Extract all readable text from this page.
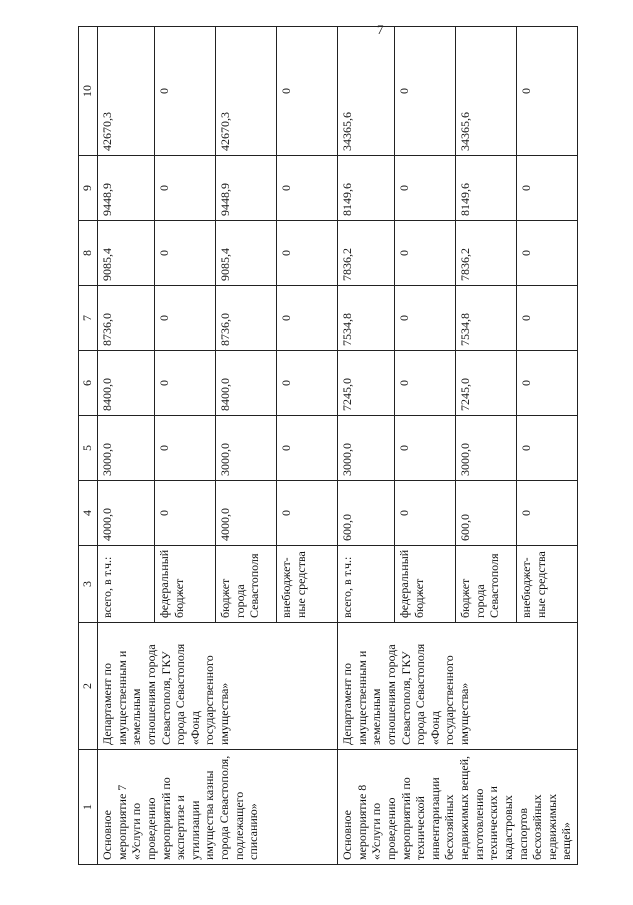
7
1	2	3	4	5	6	7	8	9	10
Основное мероприятие 7 «Услуги по проведению мероприятий по экспертизе и утилизации имущества казны города Севастополя, подлежащего списанию»	Департамент по имущественным и земельным отношениям города Севастополя, ГКУ города Севастополя «Фонд государственного имущества»	всего, в т.ч.:	4000,0	3000,0	8400,0	8736,0	9085,4	9448,9	42670,3
		федеральный бюджет	0	0	0	0	0	0	0
		бюджет города Севастополя	4000,0	3000,0	8400,0	8736,0	9085,4	9448,9	42670,3
		внебюджет-ные средства	0	0	0	0	0	0	0
Основное мероприятие 8 «Услуги по проведению мероприятий по технической инвентаризации бесхозяйных недвижимых вещей, изготовлению технических и кадастровых паспортов бесхозяйных недвижимых вещей»	Департамент по имущественным и земельным отношениям города Севастополя, ГКУ города Севастополя «Фонд государственного имущества»	всего, в т.ч.:	600,0	3000,0	7245,0	7534,8	7836,2	8149,6	34365,6
		федеральный бюджет	0	0	0	0	0	0	0
		бюджет города Севастополя	600,0	3000,0	7245,0	7534,8	7836,2	8149,6	34365,6
		внебюджет-ные средства	0	0	0	0	0	0	0
